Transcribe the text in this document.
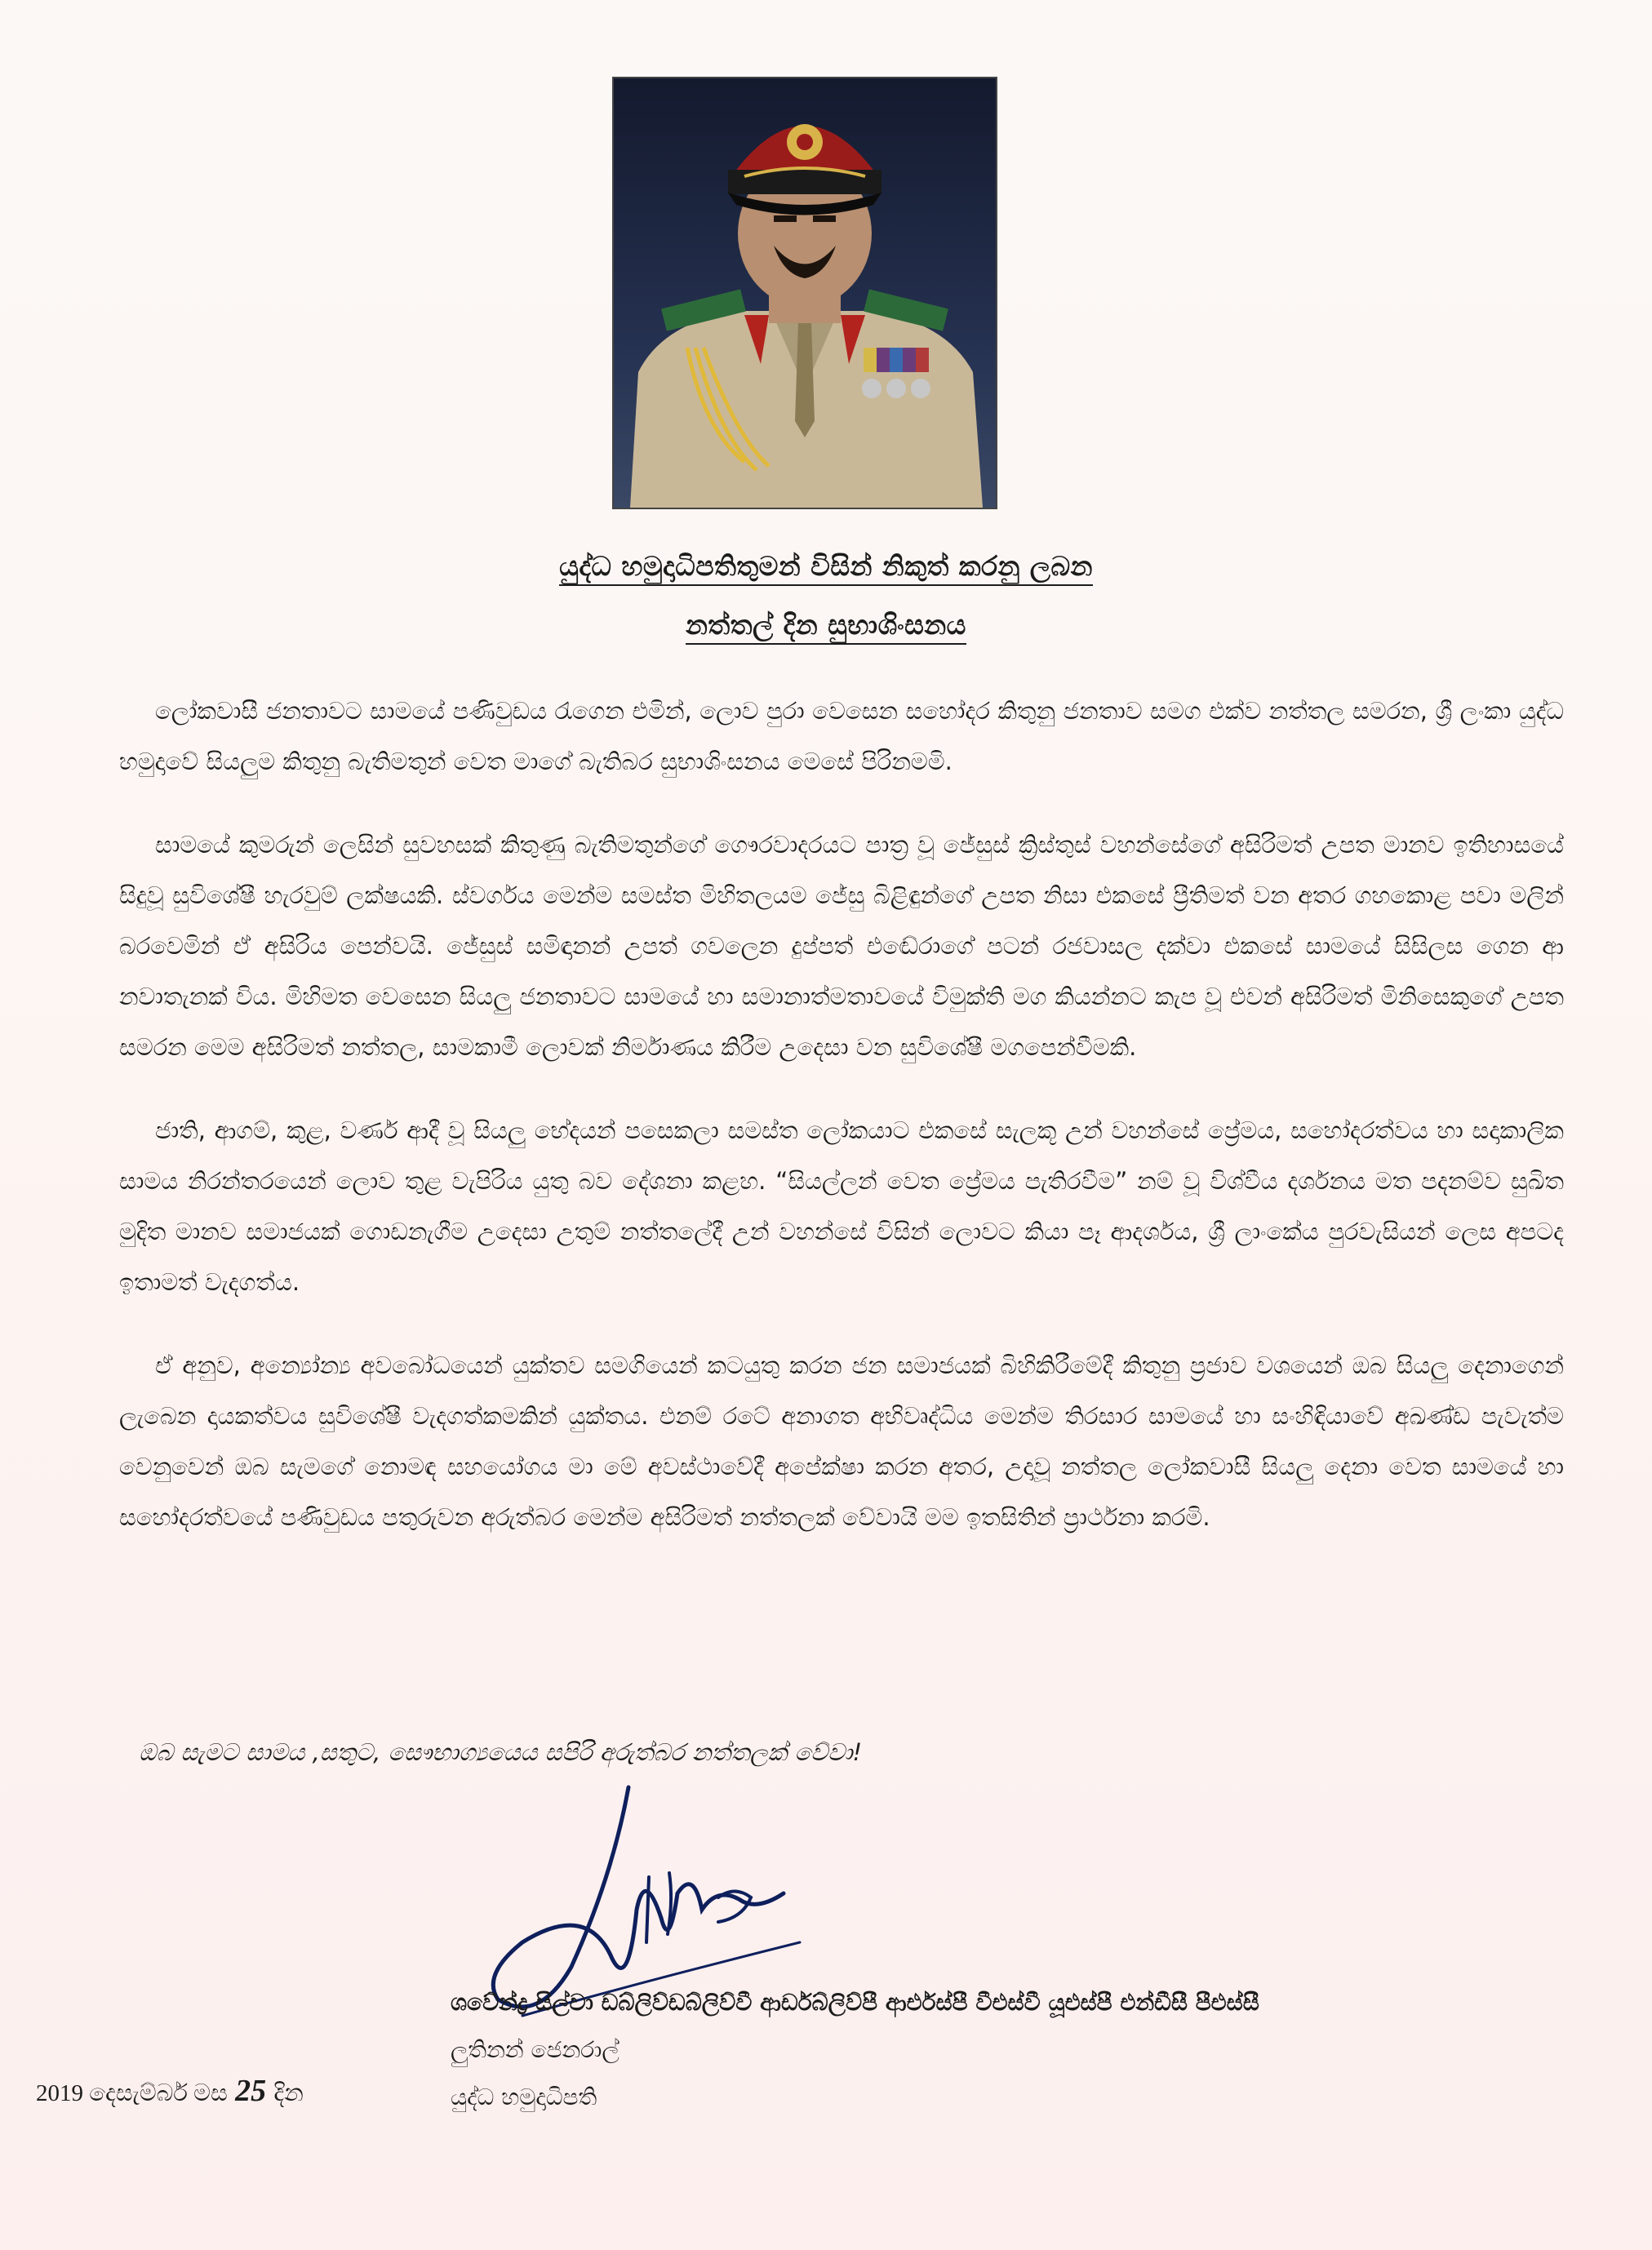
යුද්ධ හමුදාධිපතිතුමන් විසින් නිකුත් කරනු ලබන
නත්තල් දින සුභාශිංසනය

ලෝකවාසී ජනතාවට සාමයේ පණිවුඩය රැගෙන එමින්, ලොව පුරා වෙසෙන සහෝදර කිතුනු ජනතාව සමග එක්ව නත්තල සමරන, ශ්‍රී ලංකා යුද්ධ හමුදාවේ සියලුම කිතුනු බැතිමතුන් වෙත මාගේ බැතිබර සුභාශිංසනය මෙසේ පිරිනමමි.

සාමයේ කුමරුන් ලෙසින් සුවහසක් කිතුණු බැතිමතුන්ගේ ගෞරවාදරයට පාත්‍ර වූ ජේසුස් ක්‍රිස්තුස් වහන්සේගේ අසිරිමත් උපත මානව ඉතිහාසයේ සිදුවූ සුවිශේෂී හැරවුම් ලක්ෂයකි. ස්වර්ගය මෙන්ම සමස්ත මිහිතලයම ජේසු බිළිඳුන්ගේ උපත නිසා එකසේ ප්‍රීතිමත් වන අතර ගහකොළ පවා මලින් බරවෙමින් ඒ අසිරිය පෙන්වයි. ජේසුස් සමිඳානන් උපත් ගවලෙන දුප්පත් එඬේරාගේ පටන් රජවාසල දක්වා එකසේ සාමයේ සිසිලස ගෙන ආ නවාතැනක් විය. මිහිමත වෙසෙන සියලු ජනතාවට සාමයේ හා සමානාත්මතාවයේ විමුක්ති මග කියන්නට කැප වූ එවන් අසිරිමත් මිනිසෙකුගේ උපත සමරන මෙම අසිරිමත් නත්තල, සාමකාමී ලොවක් නිර්මාණය කිරීම උදෙසා වන සුවිශේෂී මගපෙන්වීමකි.

ජාති, ආගම්, කුළ, වර්ණ ආදී වූ සියලු භේදයන් පසෙකලා සමස්ත ලෝකයාට එකසේ සැලකූ උන් වහන්සේ ප්‍රේමය, සහෝදරත්වය හා සදාකාලික සාමය නිරන්තරයෙන් ලොව තුළ වැපිරිය යුතු බව දේශනා කළහ. “සියල්ලන් වෙත ප්‍රේමය පැතිරවීම” නම් වූ විශ්වීය දර්ශනය මත පදනම්ව සුඛිත මුදිත මානව සමාජයක් ගොඩනැගීම උදෙසා උතුම් නත්තලේදී උන් වහන්සේ විසින් ලොවට කියා පෑ ආදර්ශය, ශ්‍රී ලාංකේය පුරවැසියන් ලෙස අපටද ඉතාමත් වැදගත්ය.

ඒ අනුව, අන්‍යෝන්‍ය අවබෝධයෙන් යුක්තව සමගියෙන් කටයුතු කරන ජන සමාජයක් බිහිකිරීමේදී කිතුනු ප්‍රජාව වශයෙන් ඔබ සියලු දෙනාගෙන් ලැබෙන දායකත්වය සුවිශේෂී වැදගත්කමකින් යුක්තය. එනම් රටේ අනාගත අභිවෘද්ධිය මෙන්ම තිරසාර සාමයේ හා සංහිඳියාවේ අඛණ්ඩ පැවැත්ම වෙනුවෙන් ඔබ සැමගේ නොමඳ සහයෝගය මා මේ අවස්ථාවේදී අපේක්ෂා කරන අතර, උදාවූ නත්තල ලෝකවාසී සියලු දෙනා වෙත සාමයේ හා සහෝදරත්වයේ පණිවුඩය පතුරුවන අරුත්බර මෙන්ම අසිරිමත් නත්තලක් වේවායි මම ඉතසිතින් ප්‍රාර්ථනා කරමි.

ඔබ සැමට සාමය ,සතුට, සෞභාග්‍යයෙය සපිරි අරුත්බර නත්තලක් වේවා!
ශවේන්ද්‍ර සිල්වා ඩබ්ලිව්ඩබ්ලිව්වී ආර්ඩබ්ලිව්පී ආර්එස්පී වීඑස්වී යූඑස්පී එන්ඩීසී පීඑස්සී
ලුතිනන් ජෙනරාල්
යුද්ධ හමුදාධිපති
2019 දෙසැම්බර් මස 25 දින
